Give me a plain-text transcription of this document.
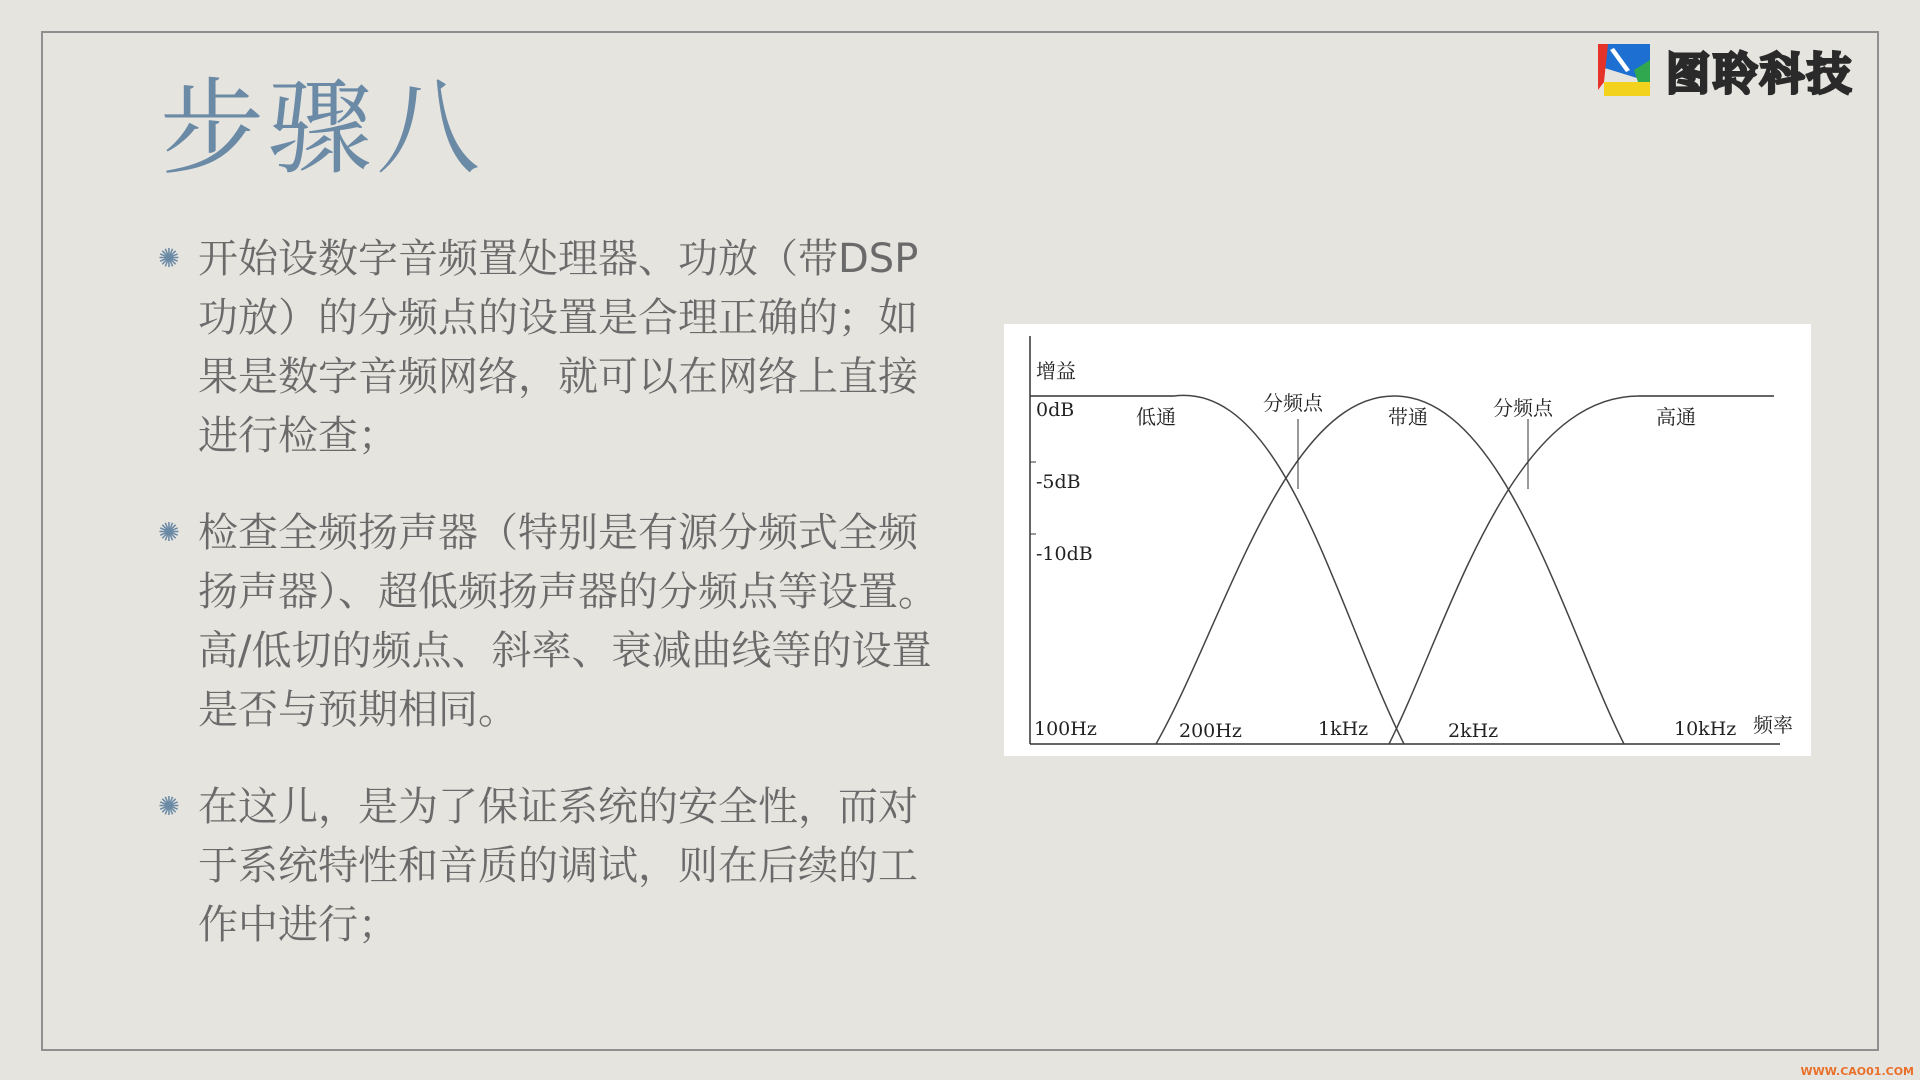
步骤八	图聆科技
✺ 开始设数字音频置处理器、功放（带DSP功放）的分频点的设置是合理正确的；如果是数字音频网络，就可以在网络上直接进行检查；
✺ 检查全频扬声器（特别是有源分频式全频扬声器）、超低频扬声器的分频点等设置。高/低切的频点、斜率、衰减曲线等的设置是否与预期相同。
✺ 在这儿，是为了保证系统的安全性，而对于系统特性和音质的调试，则在后续的工作中进行；
增益
0dB
-5dB
-10dB
低通	带通	高通
分频点	分频点
100Hz	200Hz	1kHz	2kHz	10kHz 频率
WWW.CAO01.COM
